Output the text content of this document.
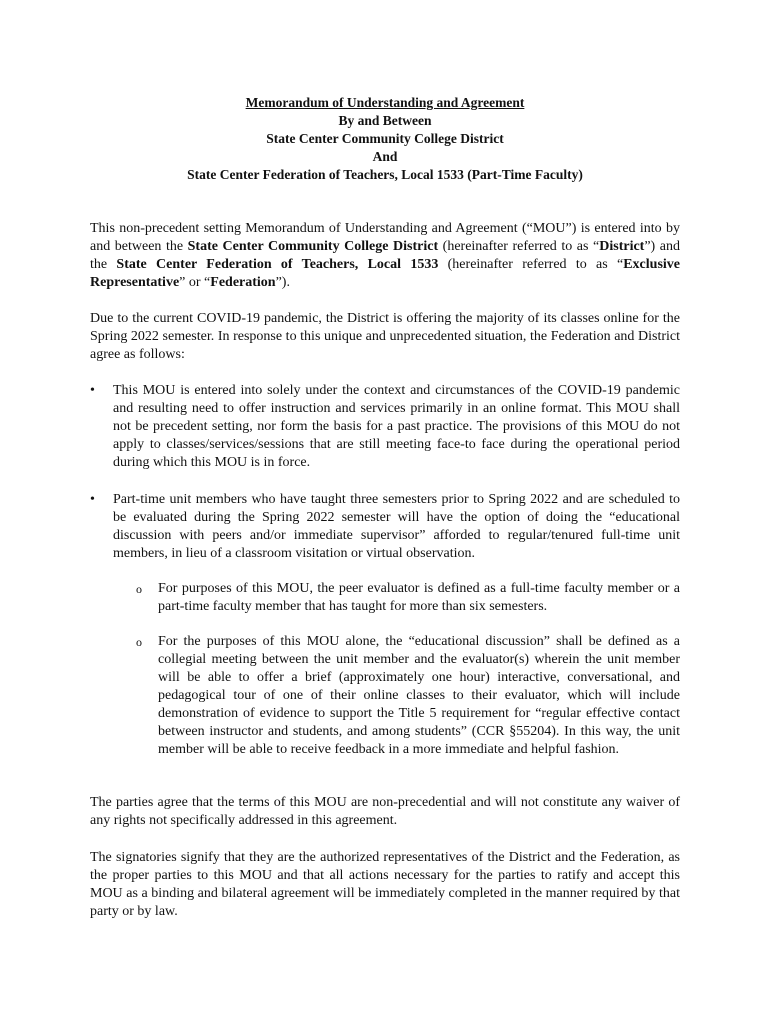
Memorandum of Understanding and Agreement
By and Between
State Center Community College District
And
State Center Federation of Teachers, Local 1533 (Part-Time Faculty)
This non-precedent setting Memorandum of Understanding and Agreement (“MOU”) is entered into by and between the State Center Community College District (hereinafter referred to as “District”) and the State Center Federation of Teachers, Local 1533 (hereinafter referred to as “Exclusive Representative” or “Federation”).
Due to the current COVID-19 pandemic, the District is offering the majority of its classes online for the Spring 2022 semester. In response to this unique and unprecedented situation, the Federation and District agree as follows:
• This MOU is entered into solely under the context and circumstances of the COVID-19 pandemic and resulting need to offer instruction and services primarily in an online format. This MOU shall not be precedent setting, nor form the basis for a past practice. The provisions of this MOU do not apply to classes/services/sessions that are still meeting face-to face during the operational period during which this MOU is in force.
• Part-time unit members who have taught three semesters prior to Spring 2022 and are scheduled to be evaluated during the Spring 2022 semester will have the option of doing the “educational discussion with peers and/or immediate supervisor” afforded to regular/tenured full-time unit members, in lieu of a classroom visitation or virtual observation.
o For purposes of this MOU, the peer evaluator is defined as a full-time faculty member or a part-time faculty member that has taught for more than six semesters.
o For the purposes of this MOU alone, the “educational discussion” shall be defined as a collegial meeting between the unit member and the evaluator(s) wherein the unit member will be able to offer a brief (approximately one hour) interactive, conversational, and pedagogical tour of one of their online classes to their evaluator, which will include demonstration of evidence to support the Title 5 requirement for “regular effective contact between instructor and students, and among students” (CCR §55204). In this way, the unit member will be able to receive feedback in a more immediate and helpful fashion.
The parties agree that the terms of this MOU are non-precedential and will not constitute any waiver of any rights not specifically addressed in this agreement.
The signatories signify that they are the authorized representatives of the District and the Federation, as the proper parties to this MOU and that all actions necessary for the parties to ratify and accept this MOU as a binding and bilateral agreement will be immediately completed in the manner required by that party or by law.
